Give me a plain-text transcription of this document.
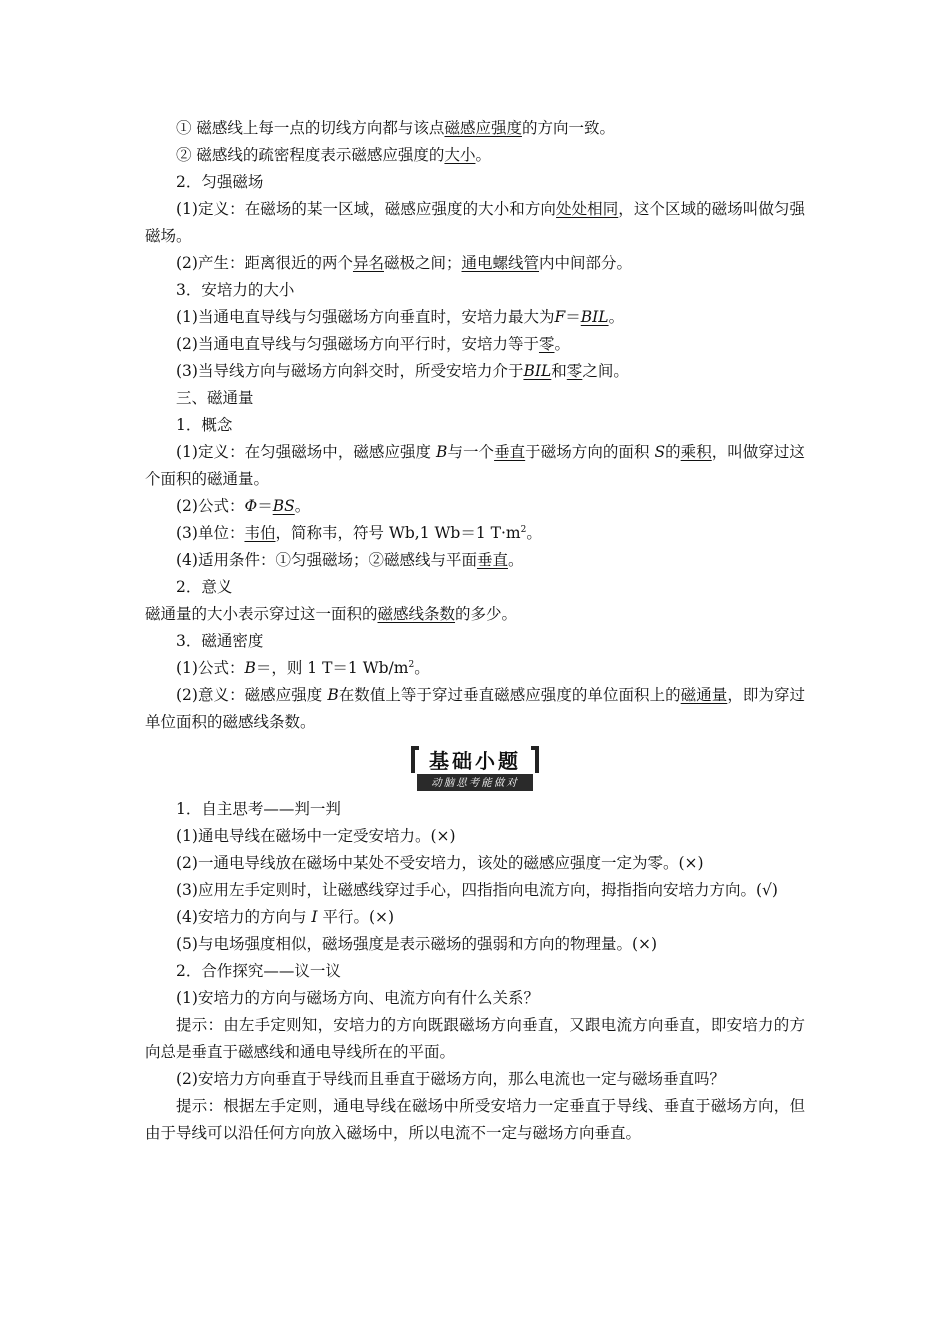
① 磁感线上每一点的切线方向都与该点磁感应强度的方向一致。
② 磁感线的疏密程度表示磁感应强度的大小。
2．匀强磁场
(1)定义：在磁场的某一区域，磁感应强度的大小和方向处处相同，这个区域的磁场叫做匀强磁场。
(2)产生：距离很近的两个异名磁极之间；通电螺线管内中间部分。
3．安培力的大小
(1)当通电直导线与匀强磁场方向垂直时，安培力最大为F＝BIL。
(2)当通电直导线与匀强磁场方向平行时，安培力等于零。
(3)当导线方向与磁场方向斜交时，所受安培力介于BIL和零之间。
三、磁通量
1．概念
(1)定义：在匀强磁场中，磁感应强度 B与一个垂直于磁场方向的面积 S的乘积，叫做穿过这个面积的磁通量。
(2)公式：Φ＝BS。
(3)单位：韦伯，简称韦，符号 Wb,1 Wb＝1 $T\cdot m^2$。
(4)适用条件：①匀强磁场；②磁感线与平面垂直。
2．意义
磁通量的大小表示穿过这一面积的磁感线条数的多少。
3．磁通密度
(1)公式：B＝，则 1 T＝1 $Wb/m^2$。
(2)意义：磁感应强度 B在数值上等于穿过垂直磁感应强度的单位面积上的磁通量，即为穿过单位面积的磁感线条数。
基础小题
动脑思考能做对
1．自主思考——判一判
(1)通电导线在磁场中一定受安培力。(×)
(2)一通电导线放在磁场中某处不受安培力，该处的磁感应强度一定为零。(×)
(3)应用左手定则时，让磁感线穿过手心，四指指向电流方向，拇指指向安培力方向。(√)
(4)安培力的方向与 I 平行。(×)
(5)与电场强度相似，磁场强度是表示磁场的强弱和方向的物理量。(×)
2．合作探究——议一议
(1)安培力的方向与磁场方向、电流方向有什么关系？
提示：由左手定则知，安培力的方向既跟磁场方向垂直，又跟电流方向垂直，即安培力的方向总是垂直于磁感线和通电导线所在的平面。
(2)安培力方向垂直于导线而且垂直于磁场方向，那么电流也一定与磁场垂直吗？
提示：根据左手定则，通电导线在磁场中所受安培力一定垂直于导线、垂直于磁场方向，但由于导线可以沿任何方向放入磁场中，所以电流不一定与磁场方向垂直。
